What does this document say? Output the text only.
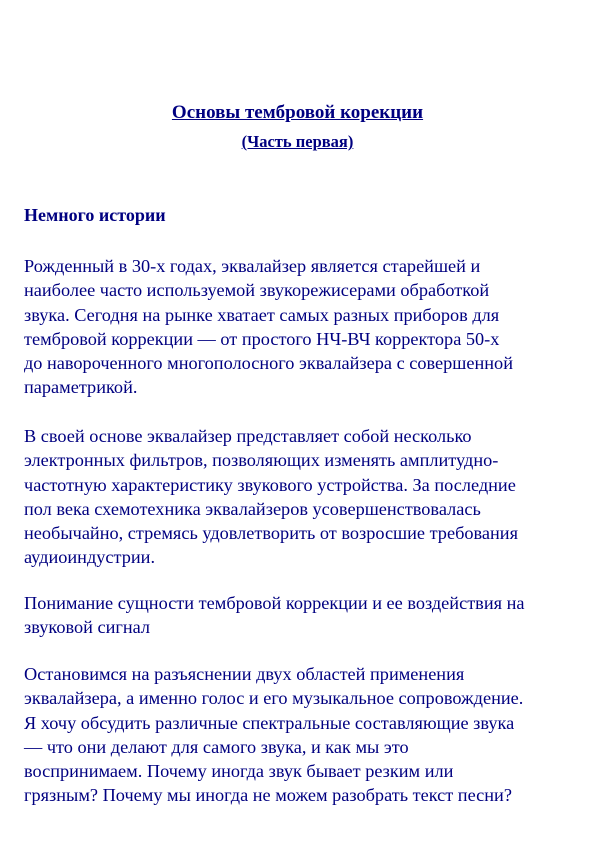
Основы тембровой корекции
(Часть первая)
Немного истории
Рожденный в 30-х годах, эквалайзер является старейшей и
наиболее часто используемой звукорежисерами обработкой
звука. Сегодня на рынке хватает самых разных приборов для
тембровой коррекции — от простого НЧ-ВЧ корректора 50-х
до навороченного многополосного эквалайзера с совершенной
параметрикой.
В своей основе эквалайзер представляет собой несколько
электронных фильтров, позволяющих изменять амплитудно-
частотную характеристику звукового устройства. За последние
пол века схемотехника эквалайзеров усовершенствовалась
необычайно, стремясь удовлетворить от возросшие требования
аудиоиндустрии.
Понимание сущности тембровой коррекции и ее воздействия на
звуковой сигнал
Остановимся на разъяснении двух областей применения
эквалайзера, а именно голос и его музыкальное сопровождение.
Я хочу обсудить различные спектральные составляющие звука
— что они делают для самого звука, и как мы это
воспринимаем. Почему иногда звук бывает резким или
грязным? Почему мы иногда не можем разобрать текст песни?
